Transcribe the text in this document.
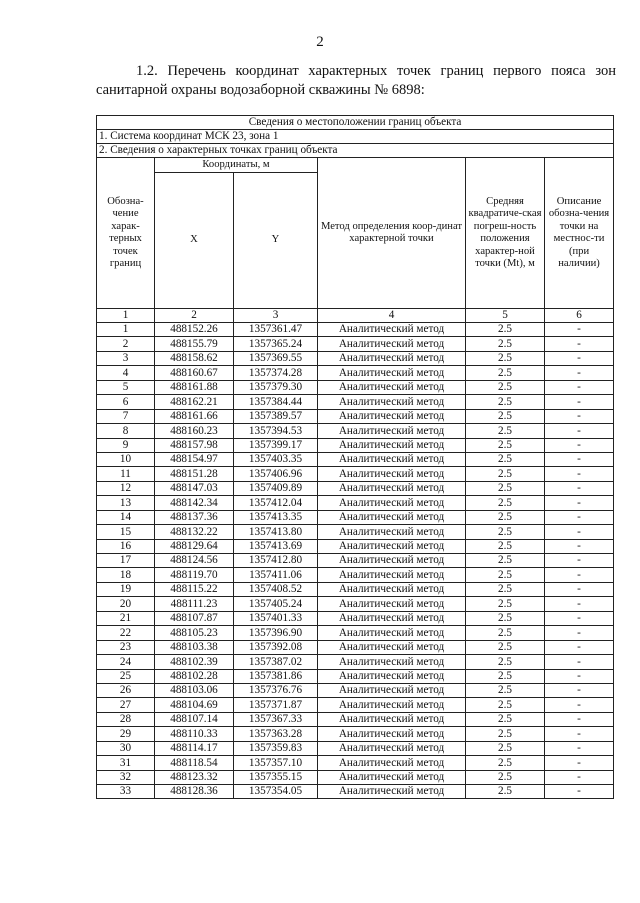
2
1.2. Перечень координат характерных точек границ первого пояса зон санитарной охраны водозаборной скважины № 6898:
Сведения о местоположении границ объекта					
1. Система координат МСК 23, зона 1					
2. Сведения о характерных точках границ объекта					
Обозна-чение харак-терных точек границ	Координаты, м		Метод определения коор-динат характерной точки	Средняя квадратиче-ская погреш-ность положения характер-ной точки (Mt), м	Описание обозна-чения точки на местнос-ти (при наличии)
	X	Y			
1	2	3	4	5	6
1	488152.26	1357361.47	Аналитический метод	2.5	-
2	488155.79	1357365.24	Аналитический метод	2.5	-
3	488158.62	1357369.55	Аналитический метод	2.5	-
4	488160.67	1357374.28	Аналитический метод	2.5	-
5	488161.88	1357379.30	Аналитический метод	2.5	-
6	488162.21	1357384.44	Аналитический метод	2.5	-
7	488161.66	1357389.57	Аналитический метод	2.5	-
8	488160.23	1357394.53	Аналитический метод	2.5	-
9	488157.98	1357399.17	Аналитический метод	2.5	-
10	488154.97	1357403.35	Аналитический метод	2.5	-
11	488151.28	1357406.96	Аналитический метод	2.5	-
12	488147.03	1357409.89	Аналитический метод	2.5	-
13	488142.34	1357412.04	Аналитический метод	2.5	-
14	488137.36	1357413.35	Аналитический метод	2.5	-
15	488132.22	1357413.80	Аналитический метод	2.5	-
16	488129.64	1357413.69	Аналитический метод	2.5	-
17	488124.56	1357412.80	Аналитический метод	2.5	-
18	488119.70	1357411.06	Аналитический метод	2.5	-
19	488115.22	1357408.52	Аналитический метод	2.5	-
20	488111.23	1357405.24	Аналитический метод	2.5	-
21	488107.87	1357401.33	Аналитический метод	2.5	-
22	488105.23	1357396.90	Аналитический метод	2.5	-
23	488103.38	1357392.08	Аналитический метод	2.5	-
24	488102.39	1357387.02	Аналитический метод	2.5	-
25	488102.28	1357381.86	Аналитический метод	2.5	-
26	488103.06	1357376.76	Аналитический метод	2.5	-
27	488104.69	1357371.87	Аналитический метод	2.5	-
28	488107.14	1357367.33	Аналитический метод	2.5	-
29	488110.33	1357363.28	Аналитический метод	2.5	-
30	488114.17	1357359.83	Аналитический метод	2.5	-
31	488118.54	1357357.10	Аналитический метод	2.5	-
32	488123.32	1357355.15	Аналитический метод	2.5	-
33	488128.36	1357354.05	Аналитический метод	2.5	-
